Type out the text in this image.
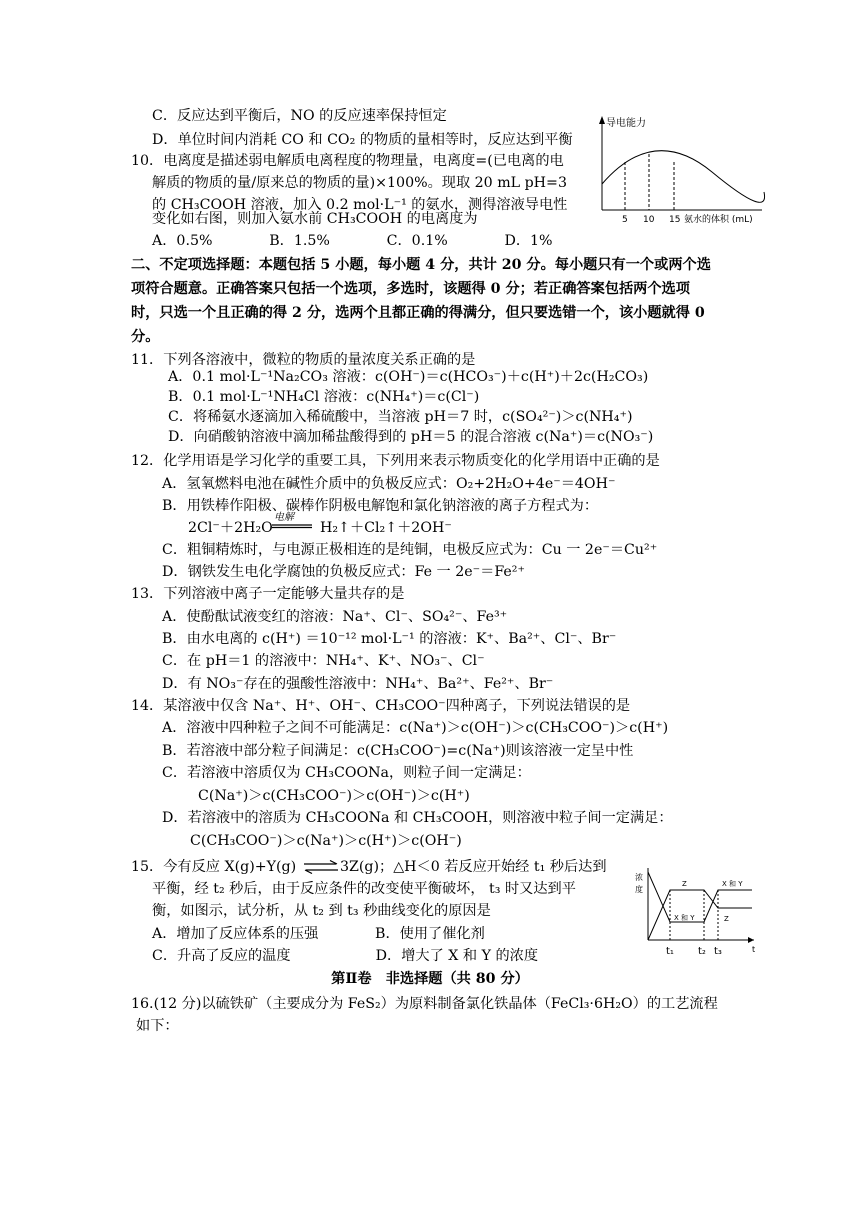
C．反应达到平衡后，NO 的反应速率保持恒定
D．单位时间内消耗 CO 和 CO₂ 的物质的量相等时，反应达到平衡
10．电离度是描述弱电解质电离程度的物理量，电离度=(已电离的电
解质的物质的量/原来总的物质的量)×100%。现取 20 mL pH=3
的 CH₃COOH 溶液，加入 0.2 mol·L⁻¹ 的氨水，测得溶液导电性
变化如右图，则加入氨水前 CH₃COOH 的电离度为
A．0.5%　　　　B．1.5%　　　　C．0.1%　　　　D．1%
导电能力
5 10 15 氨水的体积 (mL)
二、不定项选择题：本题包括 5 小题，每小题 4 分，共计 20 分。每小题只有一个或两个选
项符合题意。正确答案只包括一个选项，多选时，该题得 0 分；若正确答案包括两个选项
时，只选一个且正确的得 2 分，选两个且都正确的得满分，但只要选错一个，该小题就得 0
分。
11．下列各溶液中，微粒的物质的量浓度关系正确的是
A．0.1 mol·L⁻¹Na₂CO₃ 溶液：c(OH⁻)＝c(HCO₃⁻)＋c(H⁺)＋2c(H₂CO₃)
B．0.1 mol·L⁻¹NH₄Cl 溶液：c(NH₄⁺)＝c(Cl⁻)
C．将稀氨水逐滴加入稀硫酸中，当溶液 pH＝7 时，c(SO₄²⁻)＞c(NH₄⁺)
D．向硝酸钠溶液中滴加稀盐酸得到的 pH＝5 的混合溶液 c(Na⁺)＝c(NO₃⁻)
12．化学用语是学习化学的重要工具，下列用来表示物质变化的化学用语中正确的是
A．氢氧燃料电池在碱性介质中的负极反应式：O₂+2H₂O+4e⁻＝4OH⁻
B．用铁棒作阳极、碳棒作阴极电解饱和氯化钠溶液的离子方程式为：
2Cl⁻＋2H₂O
电解
H₂↑＋Cl₂↑＋2OH⁻
C．粗铜精炼时，与电源正极相连的是纯铜，电极反应式为：Cu 一 2e⁻＝Cu²⁺
D．钢铁发生电化学腐蚀的负极反应式：Fe 一 2e⁻＝Fe²⁺
13．下列溶液中离子一定能够大量共存的是
A．使酚酞试液变红的溶液：Na⁺、Cl⁻、SO₄²⁻、Fe³⁺
B．由水电离的 c(H⁺) ＝10⁻¹² mol·L⁻¹ 的溶液：K⁺、Ba²⁺、Cl⁻、Br⁻
C．在 pH＝1 的溶液中：NH₄⁺、K⁺、NO₃⁻、Cl⁻
D．有 NO₃⁻存在的强酸性溶液中：NH₄⁺、Ba²⁺、Fe²⁺、Br⁻
14．某溶液中仅含 Na⁺、H⁺、OH⁻、CH₃COO⁻四种离子，下列说法错误的是
A．溶液中四种粒子之间不可能满足：c(Na⁺)＞c(OH⁻)＞c(CH₃COO⁻)＞c(H⁺)
B．若溶液中部分粒子间满足：c(CH₃COO⁻)=c(Na⁺)则该溶液一定呈中性
C．若溶液中溶质仅为 CH₃COONa，则粒子间一定满足：
C(Na⁺)＞c(CH₃COO⁻)＞c(OH⁻)＞c(H⁺)
D．若溶液中的溶质为 CH₃COONa 和 CH₃COOH，则溶液中粒子间一定满足：
C(CH₃COO⁻)＞c(Na⁺)＞c(H⁺)＞c(OH⁻)
15．今有反应 X(g)+Y(g) ⇌ 3Z(g)；△H＜0 若反应开始经 t₁ 秒后达到
平衡，经 t₂ 秒后，由于反应条件的改变使平衡破坏， t₃ 时又达到平
衡，如图示，试分析，从 t₂ 到 t₃ 秒曲线变化的原因是
A．增加了反应体系的压强　　　　B．使用了催化剂
C．升高了反应的温度　　　　　　D．增大了 X 和 Y 的浓度
浓
度
Z	X 和 Y
X 和 Y	Z
t₁ t₂ t₃	t
第Ⅱ卷　非选择题（共 80 分）
16.(12 分)以硫铁矿（主要成分为 FeS₂）为原料制备氯化铁晶体（FeCl₃·6H₂O）的工艺流程
如下：
